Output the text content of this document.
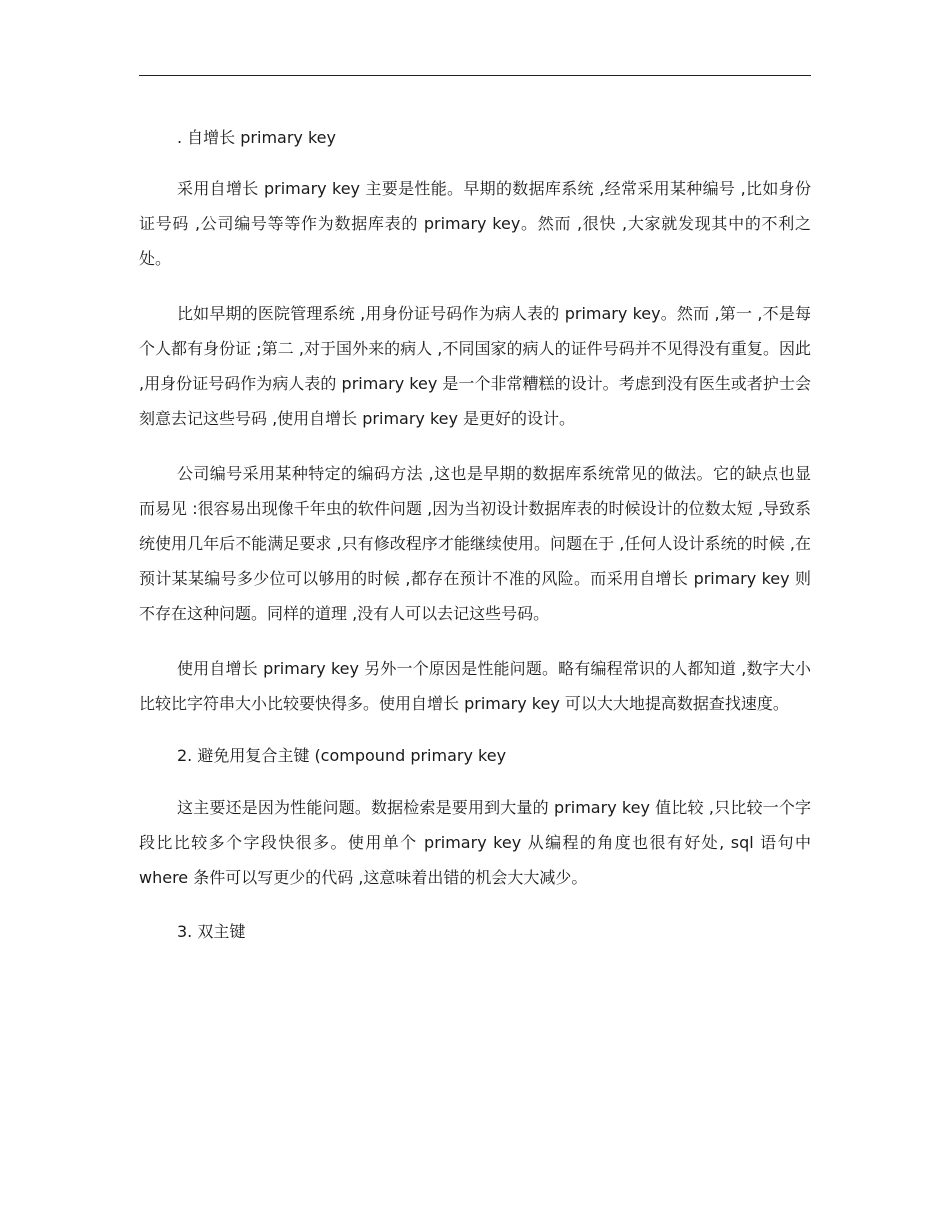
. 自增长 primary key

采用自增长 primary key 主要是性能。早期的数据库系统 ,经常采用某种编号 ,比如身份证号码 ,公司编号等等作为数据库表的 primary key。然而 ,很快 ,大家就发现其中的不利之处。

比如早期的医院管理系统 ,用身份证号码作为病人表的 primary key。然而 ,第一 ,不是每个人都有身份证 ;第二 ,对于国外来的病人 ,不同国家的病人的证件号码并不见得没有重复。因此 ,用身份证号码作为病人表的 primary key 是一个非常糟糕的设计。考虑到没有医生或者护士会刻意去记这些号码 ,使用自增长 primary key 是更好的设计。

公司编号采用某种特定的编码方法 ,这也是早期的数据库系统常见的做法。它的缺点也显而易见 :很容易出现像千年虫的软件问题 ,因为当初设计数据库表的时候设计的位数太短 ,导致系统使用几年后不能满足要求 ,只有修改程序才能继续使用。问题在于 ,任何人设计系统的时候 ,在预计某某编号多少位可以够用的时候 ,都存在预计不准的风险。而采用自增长 primary key 则不存在这种问题。同样的道理 ,没有人可以去记这些号码。

使用自增长 primary key 另外一个原因是性能问题。略有编程常识的人都知道 ,数字大小比较比字符串大小比较要快得多。使用自增长 primary key 可以大大地提高数据查找速度。

2. 避免用复合主键 (compound primary key

这主要还是因为性能问题。数据检索是要用到大量的 primary key 值比较 ,只比较一个字段比比较多个字段快很多。使用单个 primary key 从编程的角度也很有好处, sql 语句中 where 条件可以写更少的代码 ,这意味着出错的机会大大减少。

3. 双主键
